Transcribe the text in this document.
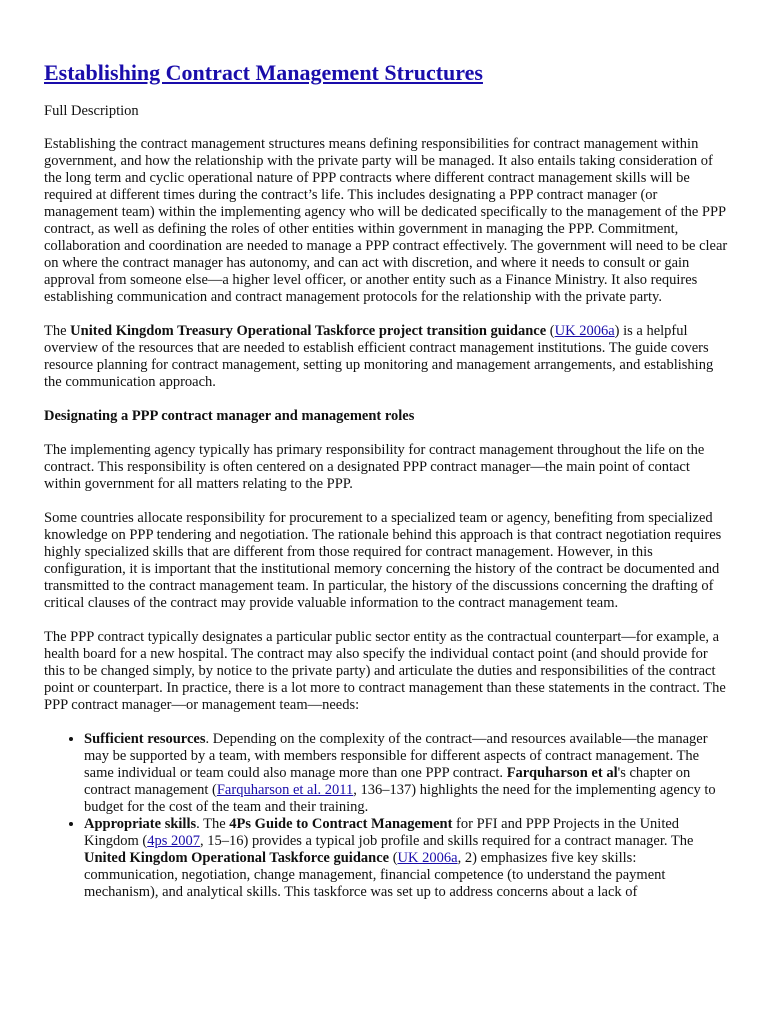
Establishing Contract Management Structures

Full Description

Establishing the contract management structures means defining responsibilities for contract management within government, and how the relationship with the private party will be managed. It also entails taking consideration of the long term and cyclic operational nature of PPP contracts where different contract management skills will be required at different times during the contract’s life. This includes designating a PPP contract manager (or management team) within the implementing agency who will be dedicated specifically to the management of the PPP contract, as well as defining the roles of other entities within government in managing the PPP. Commitment, collaboration and coordination are needed to manage a PPP contract effectively. The government will need to be clear on where the contract manager has autonomy, and can act with discretion, and where it needs to consult or gain approval from someone else—a higher level officer, or another entity such as a Finance Ministry. It also requires establishing communication and contract management protocols for the relationship with the private party.

The United Kingdom Treasury Operational Taskforce project transition guidance (UK 2006a) is a helpful overview of the resources that are needed to establish efficient contract management institutions. The guide covers resource planning for contract management, setting up monitoring and management arrangements, and establishing the communication approach.

Designating a PPP contract manager and management roles

The implementing agency typically has primary responsibility for contract management throughout the life on the contract. This responsibility is often centered on a designated PPP contract manager—the main point of contact within government for all matters relating to the PPP.

Some countries allocate responsibility for procurement to a specialized team or agency, benefiting from specialized knowledge on PPP tendering and negotiation. The rationale behind this approach is that contract negotiation requires highly specialized skills that are different from those required for contract management. However, in this configuration, it is important that the institutional memory concerning the history of the contract be documented and transmitted to the contract management team. In particular, the history of the discussions concerning the drafting of critical clauses of the contract may provide valuable information to the contract management team.

The PPP contract typically designates a particular public sector entity as the contractual counterpart—for example, a health board for a new hospital. The contract may also specify the individual contact point (and should provide for this to be changed simply, by notice to the private party) and articulate the duties and responsibilities of the contract point or counterpart. In practice, there is a lot more to contract management than these statements in the contract. The PPP contract manager—or management team—needs:

• Sufficient resources. Depending on the complexity of the contract—and resources available—the manager may be supported by a team, with members responsible for different aspects of contract management. The same individual or team could also manage more than one PPP contract. Farquharson et al's chapter on contract management (Farquharson et al. 2011, 136–137) highlights the need for the implementing agency to budget for the cost of the team and their training.
• Appropriate skills. The 4Ps Guide to Contract Management for PFI and PPP Projects in the United Kingdom (4ps 2007, 15–16) provides a typical job profile and skills required for a contract manager. The United Kingdom Operational Taskforce guidance (UK 2006a, 2) emphasizes five key skills: communication, negotiation, change management, financial competence (to understand the payment mechanism), and analytical skills. This taskforce was set up to address concerns about a lack of
